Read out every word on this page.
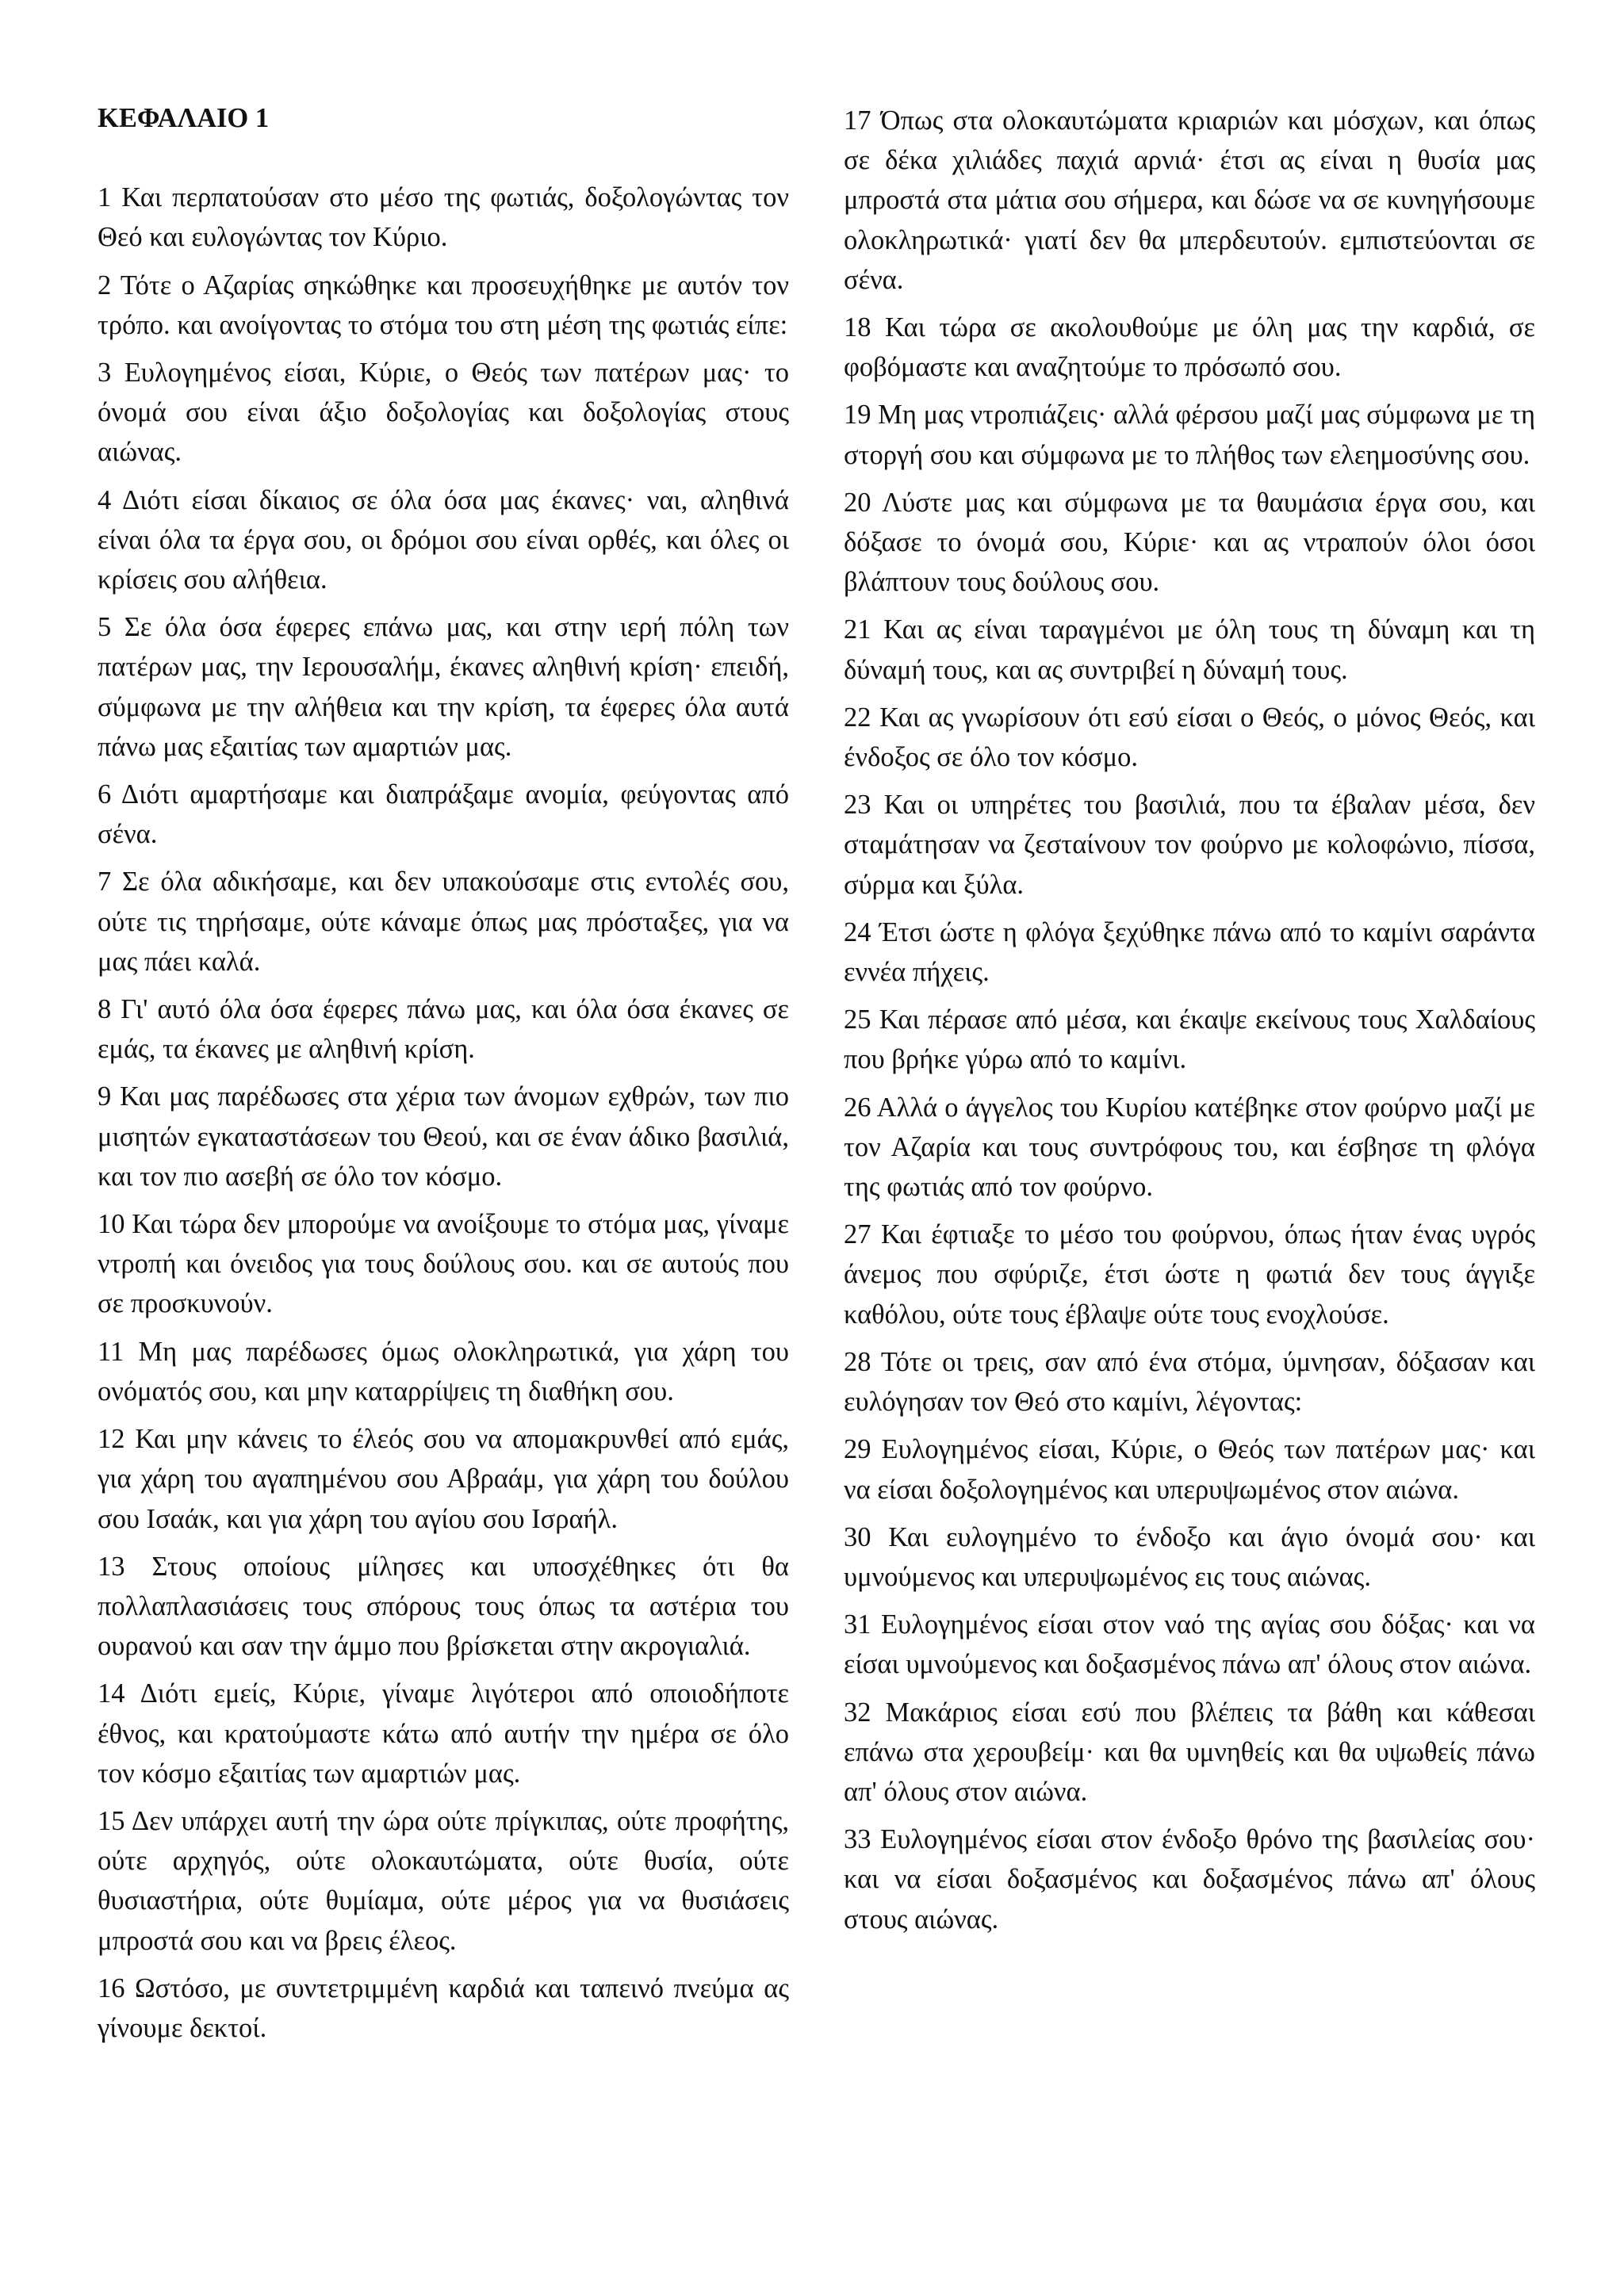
ΚΕΦΑΛΑΙΟ 1

1 Και περπατούσαν στο μέσο της φωτιάς, δοξολογώντας τον Θεό και ευλογώντας τον Κύριο.

2 Τότε ο Αζαρίας σηκώθηκε και προσευχήθηκε με αυτόν τον τρόπο. και ανοίγοντας το στόμα του στη μέση της φωτιάς είπε:

3 Ευλογημένος είσαι, Κύριε, ο Θεός των πατέρων μας· το όνομά σου είναι άξιο δοξολογίας και δοξολογίας στους αιώνας.

4 Διότι είσαι δίκαιος σε όλα όσα μας έκανες· ναι, αληθινά είναι όλα τα έργα σου, οι δρόμοι σου είναι ορθές, και όλες οι κρίσεις σου αλήθεια.

5 Σε όλα όσα έφερες επάνω μας, και στην ιερή πόλη των πατέρων μας, την Ιερουσαλήμ, έκανες αληθινή κρίση· επειδή, σύμφωνα με την αλήθεια και την κρίση, τα έφερες όλα αυτά πάνω μας εξαιτίας των αμαρτιών μας.

6 Διότι αμαρτήσαμε και διαπράξαμε ανομία, φεύγοντας από σένα.

7 Σε όλα αδικήσαμε, και δεν υπακούσαμε στις εντολές σου, ούτε τις τηρήσαμε, ούτε κάναμε όπως μας πρόσταξες, για να μας πάει καλά.

8 Γι' αυτό όλα όσα έφερες πάνω μας, και όλα όσα έκανες σε εμάς, τα έκανες με αληθινή κρίση.

9 Και μας παρέδωσες στα χέρια των άνομων εχθρών, των πιο μισητών εγκαταστάσεων του Θεού, και σε έναν άδικο βασιλιά, και τον πιο ασεβή σε όλο τον κόσμο.

10 Και τώρα δεν μπορούμε να ανοίξουμε το στόμα μας, γίναμε ντροπή και όνειδος για τους δούλους σου. και σε αυτούς που σε προσκυνούν.

11 Μη μας παρέδωσες όμως ολοκληρωτικά, για χάρη του ονόματός σου, και μην καταρρίψεις τη διαθήκη σου.

12 Και μην κάνεις το έλεός σου να απομακρυνθεί από εμάς, για χάρη του αγαπημένου σου Αβραάμ, για χάρη του δούλου σου Ισαάκ, και για χάρη του αγίου σου Ισραήλ.

13 Στους οποίους μίλησες και υποσχέθηκες ότι θα πολλαπλασιάσεις τους σπόρους τους όπως τα αστέρια του ουρανού και σαν την άμμο που βρίσκεται στην ακρογιαλιά.

14 Διότι εμείς, Κύριε, γίναμε λιγότεροι από οποιοδήποτε έθνος, και κρατούμαστε κάτω από αυτήν την ημέρα σε όλο τον κόσμο εξαιτίας των αμαρτιών μας.

15 Δεν υπάρχει αυτή την ώρα ούτε πρίγκιπας, ούτε προφήτης, ούτε αρχηγός, ούτε ολοκαυτώματα, ούτε θυσία, ούτε θυσιαστήρια, ούτε θυμίαμα, ούτε μέρος για να θυσιάσεις μπροστά σου και να βρεις έλεος.

16 Ωστόσο, με συντετριμμένη καρδιά και ταπεινό πνεύμα ας γίνουμε δεκτοί.

17 Όπως στα ολοκαυτώματα κριαριών και μόσχων, και όπως σε δέκα χιλιάδες παχιά αρνιά· έτσι ας είναι η θυσία μας μπροστά στα μάτια σου σήμερα, και δώσε να σε κυνηγήσουμε ολοκληρωτικά· γιατί δεν θα μπερδευτούν. εμπιστεύονται σε σένα.

18 Και τώρα σε ακολουθούμε με όλη μας την καρδιά, σε φοβόμαστε και αναζητούμε το πρόσωπό σου.

19 Μη μας ντροπιάζεις· αλλά φέρσου μαζί μας σύμφωνα με τη στοργή σου και σύμφωνα με το πλήθος των ελεημοσύνης σου.

20 Λύστε μας και σύμφωνα με τα θαυμάσια έργα σου, και δόξασε το όνομά σου, Κύριε· και ας ντραπούν όλοι όσοι βλάπτουν τους δούλους σου.

21 Και ας είναι ταραγμένοι με όλη τους τη δύναμη και τη δύναμή τους, και ας συντριβεί η δύναμή τους.

22 Και ας γνωρίσουν ότι εσύ είσαι ο Θεός, ο μόνος Θεός, και ένδοξος σε όλο τον κόσμο.

23 Και οι υπηρέτες του βασιλιά, που τα έβαλαν μέσα, δεν σταμάτησαν να ζεσταίνουν τον φούρνο με κολοφώνιο, πίσσα, σύρμα και ξύλα.

24 Έτσι ώστε η φλόγα ξεχύθηκε πάνω από το καμίνι σαράντα εννέα πήχεις.

25 Και πέρασε από μέσα, και έκαψε εκείνους τους Χαλδαίους που βρήκε γύρω από το καμίνι.

26 Αλλά ο άγγελος του Κυρίου κατέβηκε στον φούρνο μαζί με τον Αζαρία και τους συντρόφους του, και έσβησε τη φλόγα της φωτιάς από τον φούρνο.

27 Και έφτιαξε το μέσο του φούρνου, όπως ήταν ένας υγρός άνεμος που σφύριζε, έτσι ώστε η φωτιά δεν τους άγγιξε καθόλου, ούτε τους έβλαψε ούτε τους ενοχλούσε.

28 Τότε οι τρεις, σαν από ένα στόμα, ύμνησαν, δόξασαν και ευλόγησαν τον Θεό στο καμίνι, λέγοντας:

29 Ευλογημένος είσαι, Κύριε, ο Θεός των πατέρων μας· και να είσαι δοξολογημένος και υπερυψωμένος στον αιώνα.

30 Και ευλογημένο το ένδοξο και άγιο όνομά σου· και υμνούμενος και υπερυψωμένος εις τους αιώνας.

31 Ευλογημένος είσαι στον ναό της αγίας σου δόξας· και να είσαι υμνούμενος και δοξασμένος πάνω απ' όλους στον αιώνα.

32 Μακάριος είσαι εσύ που βλέπεις τα βάθη και κάθεσαι επάνω στα χερουβείμ· και θα υμνηθείς και θα υψωθείς πάνω απ' όλους στον αιώνα.

33 Ευλογημένος είσαι στον ένδοξο θρόνο της βασιλείας σου· και να είσαι δοξασμένος και δοξασμένος πάνω απ' όλους στους αιώνας.
